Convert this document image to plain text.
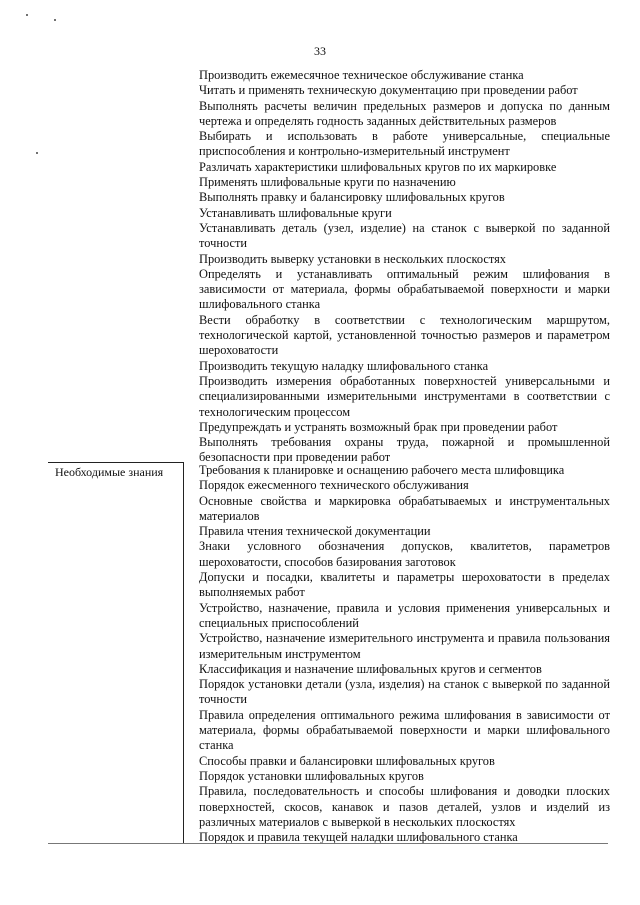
33
Необходимые знания
Производить ежемесячное техническое обслуживание станка
Читать и применять техническую документацию при проведении работ
Выполнять расчеты величин предельных размеров и допуска по данным чертежа и определять годность заданных действительных размеров
Выбирать и использовать в работе универсальные, специальные приспособления и контрольно-измерительный инструмент
Различать характеристики шлифовальных кругов по их маркировке
Применять шлифовальные круги по назначению
Выполнять правку и балансировку шлифовальных кругов
Устанавливать шлифовальные круги
Устанавливать деталь (узел, изделие) на станок с выверкой по заданной точности
Производить выверку установки в нескольких плоскостях
Определять и устанавливать оптимальный режим шлифования в зависимости от материала, формы обрабатываемой поверхности и марки шлифовального станка
Вести обработку в соответствии с технологическим маршрутом, технологической картой, установленной точностью размеров и параметром шероховатости
Производить текущую наладку шлифовального станка
Производить измерения обработанных поверхностей универсальными и специализированными измерительными инструментами в соответствии с технологическим процессом
Предупреждать и устранять возможный брак при проведении работ
Выполнять требования охраны труда, пожарной и промышленной безопасности при проведении работ
Требования к планировке и оснащению рабочего места шлифовщика
Порядок ежесменного технического обслуживания
Основные свойства и маркировка обрабатываемых и инструментальных материалов
Правила чтения технической документации
Знаки условного обозначения допусков, квалитетов, параметров шероховатости, способов базирования заготовок
Допуски и посадки, квалитеты и параметры шероховатости в пределах выполняемых работ
Устройство, назначение, правила и условия применения универсальных и специальных приспособлений
Устройство, назначение измерительного инструмента и правила пользования измерительным инструментом
Классификация и назначение шлифовальных кругов и сегментов
Порядок установки детали (узла, изделия) на станок с выверкой по заданной точности
Правила определения оптимального режима шлифования в зависимости от материала, формы обрабатываемой поверхности и марки шлифовального станка
Способы правки и балансировки шлифовальных кругов
Порядок установки шлифовальных кругов
Правила, последовательность и способы шлифования и доводки плоских поверхностей, скосов, канавок и пазов деталей, узлов и изделий из различных материалов с выверкой в нескольких плоскостях
Порядок и правила текущей наладки шлифовального станка
